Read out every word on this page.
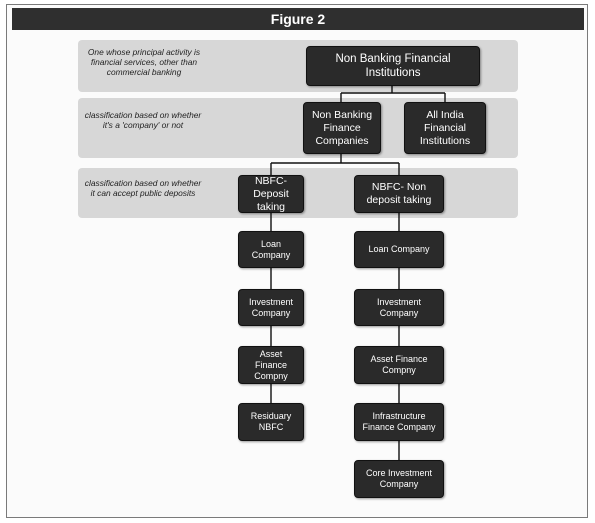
Figure 2
One whose principal activity is financial services, other than commercial banking
classification based on whether it's a 'company' or not
classification based on whether it can accept public deposits
Non Banking Financial Institutions
Non Banking Finance Companies
All India Financial Institutions
NBFC-Deposit taking
NBFC- Non deposit taking
Loan Company
Investment Company
Asset Finance Compny
Residuary NBFC
Loan Company
Investment Company
Asset Finance Compny
Infrastructure Finance Company
Core Investment Company
